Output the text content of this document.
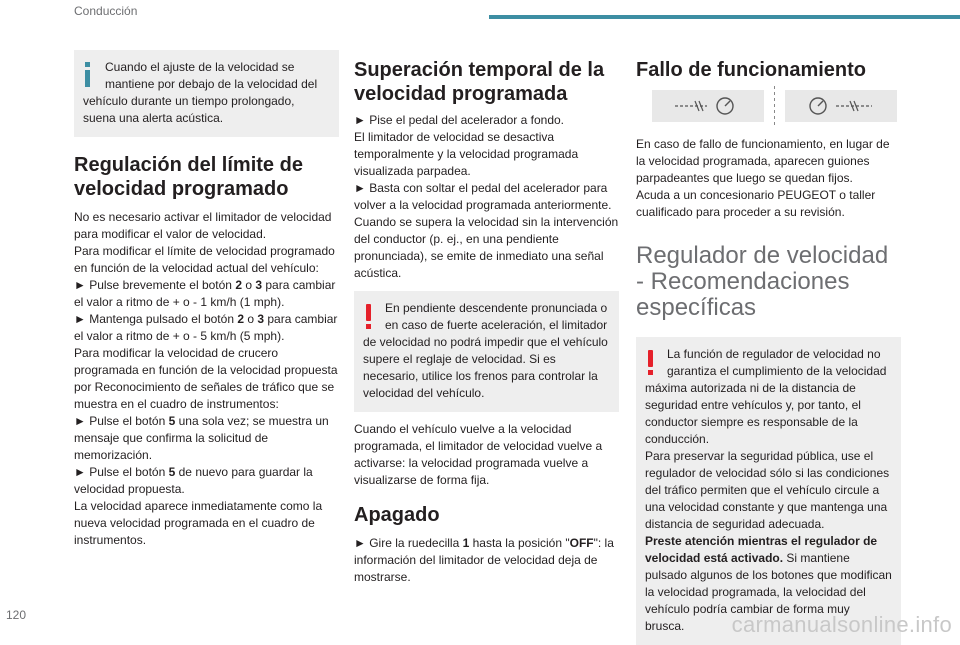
Conducción
Cuando el ajuste de la velocidad se mantiene por debajo de la velocidad del vehículo durante un tiempo prolongado, suena una alerta acústica.
Regulación del límite de velocidad programado

No es necesario activar el limitador de velocidad para modificar el valor de velocidad.

Para modificar el límite de velocidad programado en función de la velocidad actual del vehículo:

► Pulse brevemente el botón 2 o 3 para cambiar el valor a ritmo de + o - 1 km/h (1 mph).

► Mantenga pulsado el botón 2 o 3 para cambiar el valor a ritmo de + o - 5 km/h (5 mph).

Para modificar la velocidad de crucero programada en función de la velocidad propuesta por Reconocimiento de señales de tráfico que se muestra en el cuadro de instrumentos:

► Pulse el botón 5 una sola vez; se muestra un mensaje que confirma la solicitud de memorización.

► Pulse el botón 5 de nuevo para guardar la velocidad propuesta.

La velocidad aparece inmediatamente como la nueva velocidad programada en el cuadro de instrumentos.

Superación temporal de la velocidad programada

► Pise el pedal del acelerador a fondo.

El limitador de velocidad se desactiva temporalmente y la velocidad programada visualizada parpadea.

► Basta con soltar el pedal del acelerador para volver a la velocidad programada anteriormente.

Cuando se supera la velocidad sin la intervención del conductor (p. ej., en una pendiente pronunciada), se emite de inmediato una señal acústica.

En pendiente descendente pronunciada o en caso de fuerte aceleración, el limitador de velocidad no podrá impedir que el vehículo supere el reglaje de velocidad. Si es necesario, utilice los frenos para controlar la velocidad del vehículo.

Cuando el vehículo vuelve a la velocidad programada, el limitador de velocidad vuelve a activarse: la velocidad programada vuelve a visualizarse de forma fija.

Apagado

► Gire la ruedecilla 1 hasta la posición "OFF": la información del limitador de velocidad deja de mostrarse.

Fallo de funcionamiento

En caso de fallo de funcionamiento, en lugar de la velocidad programada, aparecen guiones parpadeantes que luego se quedan fijos.

Acuda a un concesionario PEUGEOT o taller cualificado para proceder a su revisión.

Regulador de velocidad - Recomendaciones específicas
La función de regulador de velocidad no garantiza el cumplimiento de la velocidad máxima autorizada ni de la distancia de seguridad entre vehículos y, por tanto, el conductor siempre es responsable de la conducción.
Para preservar la seguridad pública, use el regulador de velocidad sólo si las condiciones del tráfico permiten que el vehículo circule a una velocidad constante y que mantenga una distancia de seguridad adecuada.
Preste atención mientras el regulador de velocidad está activado. Si mantiene pulsado algunos de los botones que modifican la velocidad programada, la velocidad del vehículo podría cambiar de forma muy brusca.
120	carmanualsonline.info
